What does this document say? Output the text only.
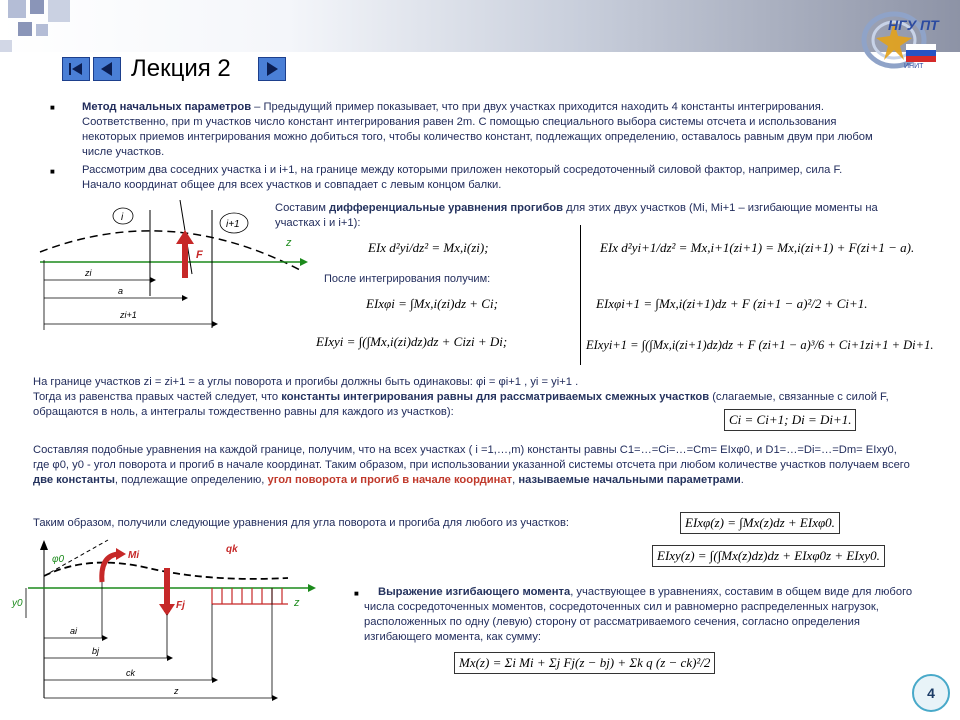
Лекция 2
НГУ ПТ
ИНИТ
■ Метод начальных параметров – Предыдущий пример показывает, что при двух участках приходится находить 4 константы интегрирования. Соответственно, при m участков число констант интегрирования равен 2m. С помощью специального выбора системы отсчета и использования некоторых приемов интегрирования можно добиться того, чтобы количество констант, подлежащих определению, оставалось равным двум при любом числе участков.

■ Рассмотрим два соседних участка i и i+1, на границе между которыми приложен некоторый сосредоточенный силовой фактор, например, сила F. Начало координат общее для всех участков и совпадает с левым концом балки.

z
i
i+1
F
zi
a
zi+1

Составим дифференциальные уравнения прогибов для этих двух участков (Mi, Mi+1 – изгибающие моменты на участках i и i+1):

EIx d²yi/dz² = Mx,i(zi);	EIx d²yi+1/dz² = Mx,i+1(zi+1) = Mx,i(zi+1) + F(zi+1 − a).
После интегрирования получим:
EIxφi = ∫Mx,i(zi)dz + Ci;	EIxφi+1 = ∫Mx,i(zi+1)dz + F (zi+1 − a)²/2 + Ci+1.
EIxyi = ∫(∫Mx,i(zi)dz)dz + Cizi + Di;	EIxyi+1 = ∫(∫Mx,i(zi+1)dz)dz + F (zi+1 − a)³/6 + Ci+1zi+1 + Di+1.

На границе участков zi = zi+1 = a углы поворота и прогибы должны быть одинаковы: φi = φi+1 , yi = yi+1 .

Тогда из равенства правых частей следует, что константы интегрирования равны для рассматриваемых смежных участков (слагаемые, связанные с силой F, обращаются в ноль, а интегралы тождественно равны для каждого из участков):	Ci = Ci+1; Di = Di+1.

Составляя подобные уравнения на каждой границе, получим, что на всех участках ( i =1,…,m) константы равны C1=…=Ci=…=Cm= EIxφ0, и D1=…=Di=…=Dm= EIxy0, где φ0, y0 - угол поворота и прогиб в начале координат. Таким образом, при использовании указанной системы отсчета при любом количестве участков получаем всего две константы, подлежащие определению, угол поворота и прогиб в начале координат, называемые начальными параметрами.

Таким образом, получили следующие уравнения для угла поворота и прогиба для любого из участков:	EIxφ(z) = ∫Mx(z)dz + EIxφ0.
EIxy(z) = ∫(∫Mx(z)dz)dz + EIxφ0z + EIxy0.
z
φ0
y0
Mi
Fj
qk
ai
bj
ck
z
■	Выражение изгибающего момента, участвующее в уравнениях, составим в общем виде для любого числа сосредоточенных моментов, сосредоточенных сил и равномерно распределенных нагрузок, расположенных по одну (левую) сторону от рассматриваемого сечения, согласно определения изгибающего момента, как сумму:

Mx(z) = Σi Mi + Σj Fj(z − bj) + Σk q (z − ck)²/2
4
